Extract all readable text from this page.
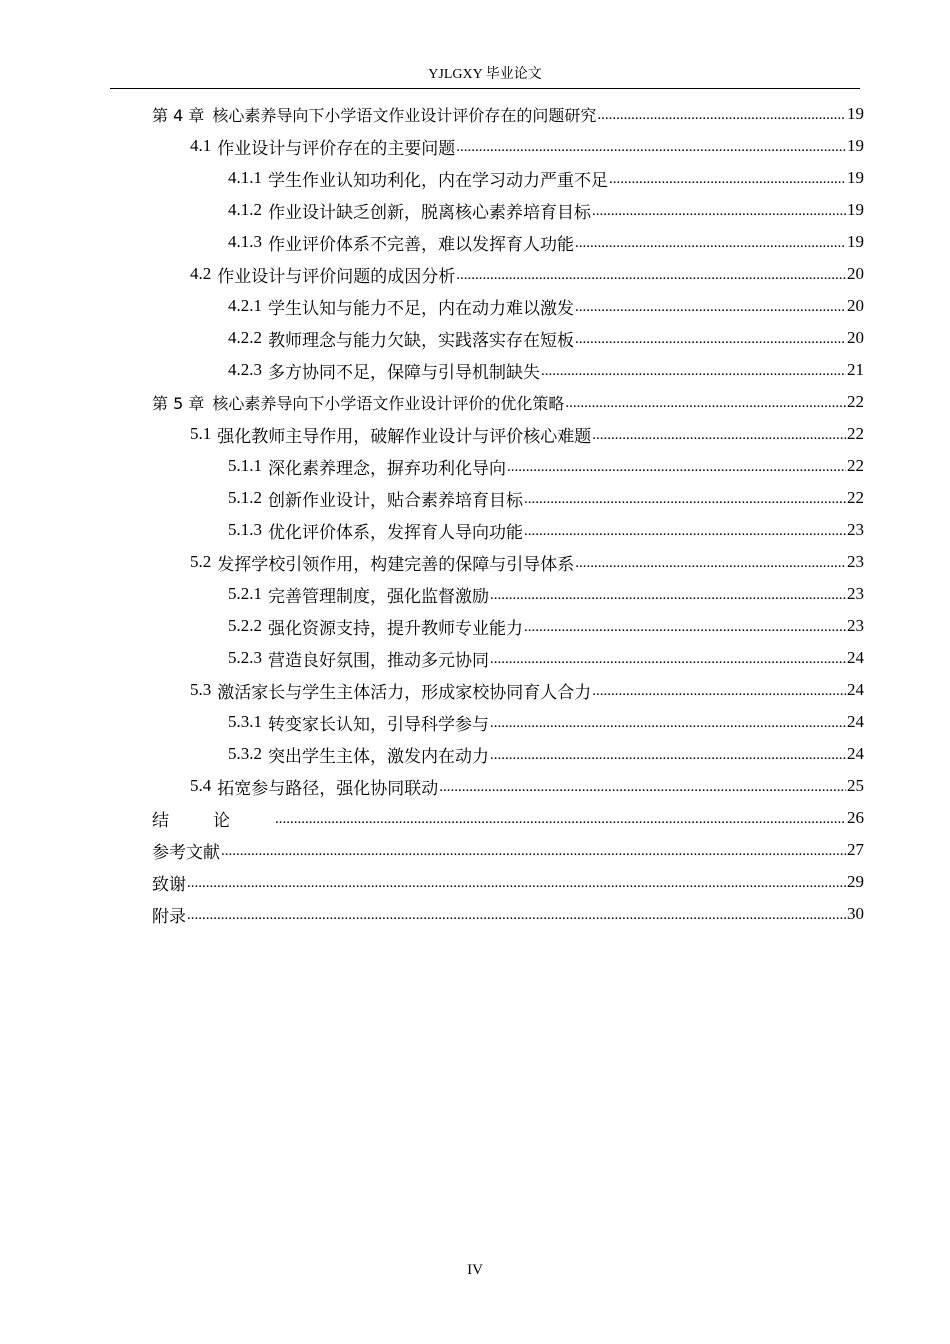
YJLGXY 毕业论文
第 4 章 核心素养导向下小学语文作业设计评价存在的问题研究 .....	19
4.1 作业设计与评价存在的主要问题 .....	19
4.1.1 学生作业认知功利化，内在学习动力严重不足 .....	19
4.1.2 作业设计缺乏创新，脱离核心素养培育目标 .....	19
4.1.3 作业评价体系不完善，难以发挥育人功能 .....	19
4.2 作业设计与评价问题的成因分析 .....	20
4.2.1 学生认知与能力不足，内在动力难以激发 .....	20
4.2.2 教师理念与能力欠缺，实践落实存在短板 .....	20
4.2.3 多方协同不足，保障与引导机制缺失 .....	21
第 5 章 核心素养导向下小学语文作业设计评价的优化策略 .....	22
5.1 强化教师主导作用，破解作业设计与评价核心难题 .....	22
5.1.1 深化素养理念，摒弃功利化导向 .....	22
5.1.2 创新作业设计，贴合素养培育目标 .....	22
5.1.3 优化评价体系，发挥育人导向功能 .....	23
5.2 发挥学校引领作用，构建完善的保障与引导体系 .....	23
5.2.1 完善管理制度，强化监督激励 .....	23
5.2.2 强化资源支持，提升教师专业能力 .....	23
5.2.3 营造良好氛围，推动多元协同 .....	24
5.3 激活家长与学生主体活力，形成家校协同育人合力 .....	24
5.3.1 转变家长认知，引导科学参与 .....	24
5.3.2 突出学生主体，激发内在动力 .....	24
5.4 拓宽参与路径，强化协同联动 .....	25
结论 .....	26
参考文献 .....	27
致谢 .....	29
附录 .....	30
IV
